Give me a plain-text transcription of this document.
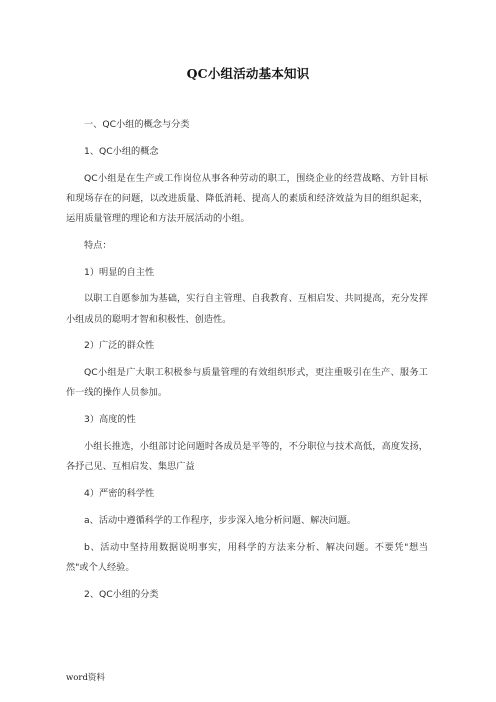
QC小组活动基本知识

一、QC小组的概念与分类

1、QC小组的概念

QC小组是在生产或工作岗位从事各种劳动的职工，围绕企业的经营战略、方针目标和现场存在的问题，以改进质量、降低消耗、提高人的素质和经济效益为目的组织起来，运用质量管理的理论和方法开展活动的小组。

特点：

1）明显的自主性

以职工自愿参加为基础，实行自主管理、自我教育、互相启发、共同提高，充分发挥小组成员的聪明才智和积极性、创造性。

2）广泛的群众性

QC小组是广大职工积极参与质量管理的有效组织形式，更注重吸引在生产、服务工作一线的操作人员参加。

3）高度的性

小组长推选，小组部讨论问题时各成员是平等的，不分职位与技术高低，高度发扬，各抒己见、互相启发、集思广益

4）严密的科学性

a、活动中遵循科学的工作程序，步步深入地分析问题、解决问题。

b、活动中坚持用数据说明事实，用科学的方法来分析、解决问题。不要凭"想当然"或个人经验。

2、QC小组的分类

word资料
